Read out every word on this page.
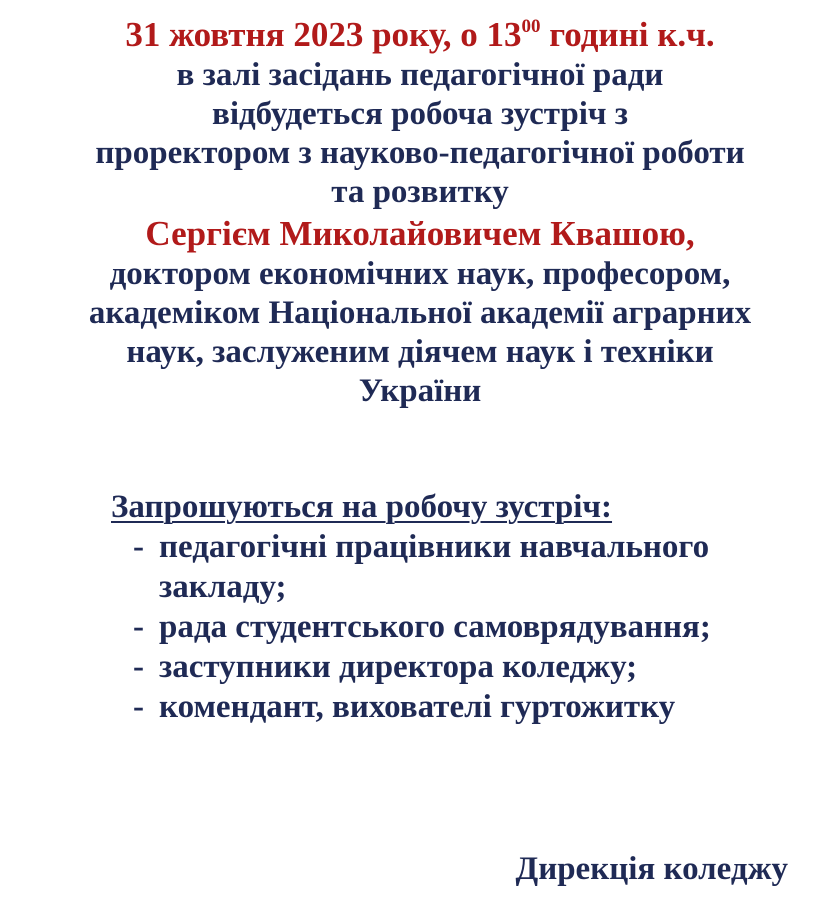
31 жовтня 2023 року, о $13^{00}$ годині к.ч.
в залі засідань педагогічної ради
відбудеться робоча зустріч з
проректором з науково-педагогічної роботи
та розвитку
Сергієм Миколайовичем Квашою,
доктором економічних наук, професором,
академіком Національної академії аграрних
наук, заслуженим діячем наук і техніки
України
Запрошуються на робочу зустріч:
- педагогічні працівники навчального закладу;
- рада студентського самоврядування;
- заступники директора коледжу;
- комендант, вихователі гуртожитку
Дирекція коледжу
